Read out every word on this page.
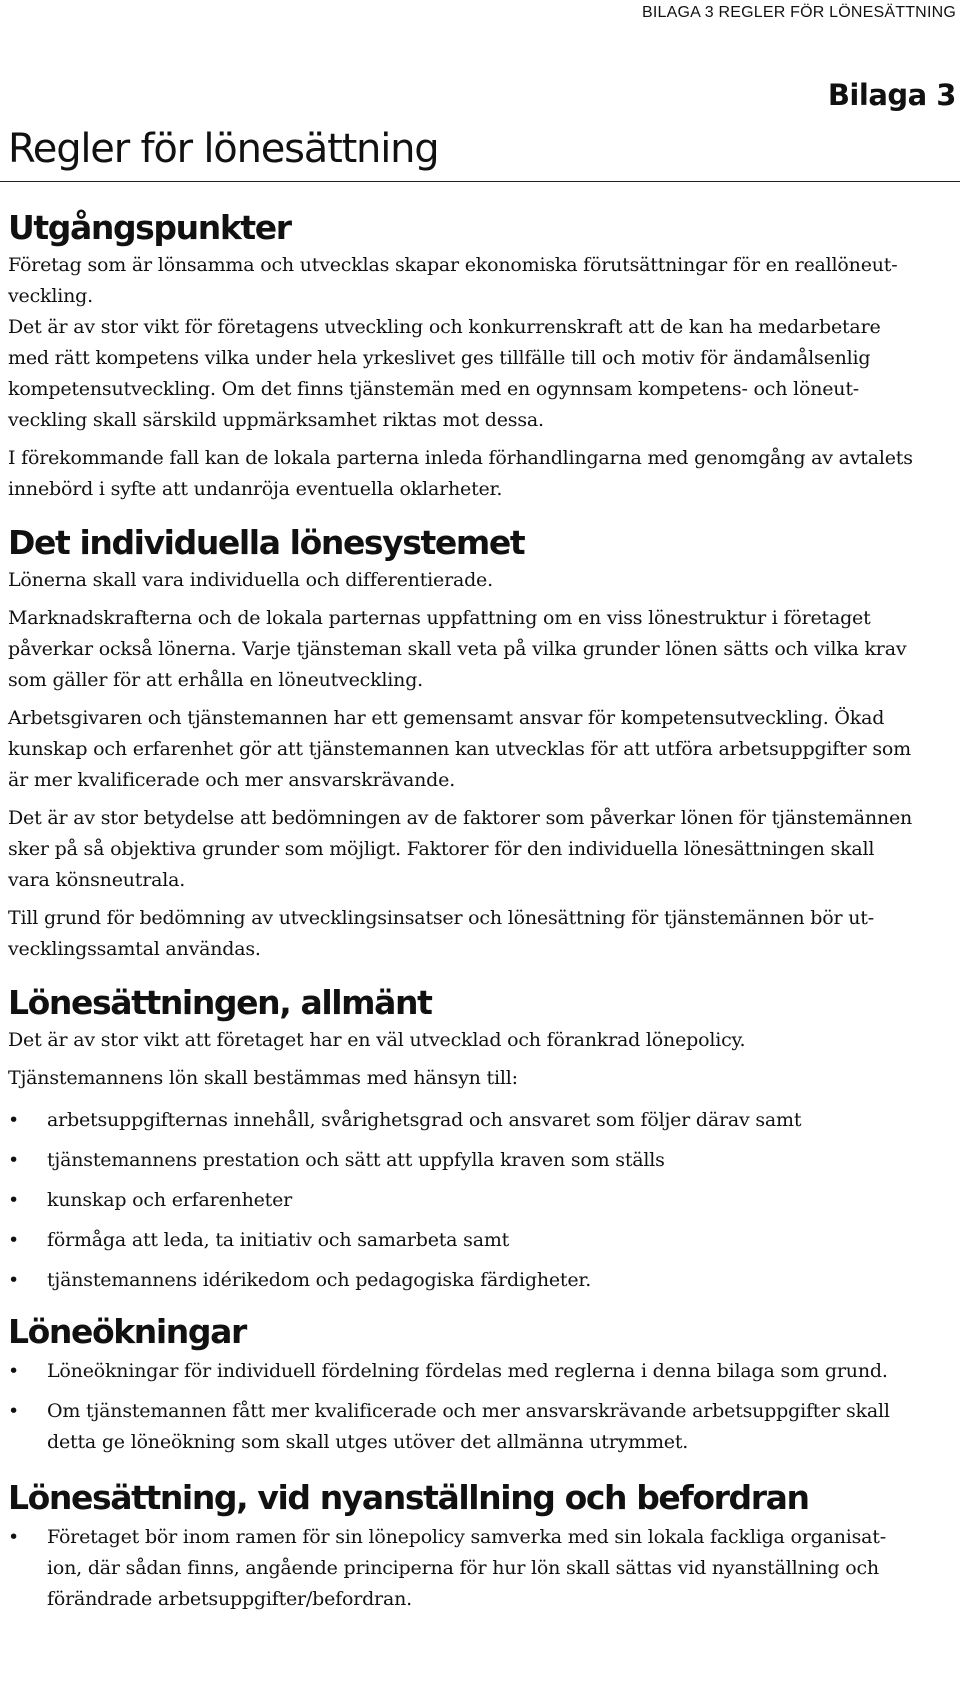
BILAGA 3 REGLER FÖR LÖNESÄTTNING
Bilaga 3
Regler för lönesättning
Utgångspunkter

Företag som är lönsamma och utvecklas skapar ekonomiska förutsättningar för en reallöneut-
veckling.

Det är av stor vikt för företagens utveckling och konkurrenskraft att de kan ha medarbetare
med rätt kompetens vilka under hela yrkeslivet ges tillfälle till och motiv för ändamålsenlig
kompetensutveckling. Om det finns tjänstemän med en ogynnsam kompetens- och löneut-
veckling skall särskild uppmärksamhet riktas mot dessa.

I förekommande fall kan de lokala parterna inleda förhandlingarna med genomgång av avtalets
innebörd i syfte att undanröja eventuella oklarheter.

Det individuella lönesystemet

Lönerna skall vara individuella och differentierade.

Marknadskrafterna och de lokala parternas uppfattning om en viss lönestruktur i företaget
påverkar också lönerna. Varje tjänsteman skall veta på vilka grunder lönen sätts och vilka krav
som gäller för att erhålla en löneutveckling.

Arbetsgivaren och tjänstemannen har ett gemensamt ansvar för kompetensutveckling. Ökad
kunskap och erfarenhet gör att tjänstemannen kan utvecklas för att utföra arbetsuppgifter som
är mer kvalificerade och mer ansvarskrävande.

Det är av stor betydelse att bedömningen av de faktorer som påverkar lönen för tjänstemännen
sker på så objektiva grunder som möjligt. Faktorer för den individuella lönesättningen skall
vara könsneutrala.

Till grund för bedömning av utvecklingsinsatser och lönesättning för tjänstemännen bör ut-
vecklingssamtal användas.

Lönesättningen, allmänt

Det är av stor vikt att företaget har en väl utvecklad och förankrad lönepolicy.

Tjänstemannens lön skall bestämmas med hänsyn till:

• arbetsuppgifternas innehåll, svårighetsgrad och ansvaret som följer därav samt
• tjänstemannens prestation och sätt att uppfylla kraven som ställs
• kunskap och erfarenheter
• förmåga att leda, ta initiativ och samarbeta samt
• tjänstemannens idérikedom och pedagogiska färdigheter.
Löneökningar
• Löneökningar för individuell fördelning fördelas med reglerna i denna bilaga som grund.
• Om tjänstemannen fått mer kvalificerade och mer ansvarskrävande arbetsuppgifter skall
detta ge löneökning som skall utges utöver det allmänna utrymmet.
Lönesättning, vid nyanställning och befordran
• Företaget bör inom ramen för sin lönepolicy samverka med sin lokala fackliga organisat-
ion, där sådan finns, angående principerna för hur lön skall sättas vid nyanställning och
förändrade arbetsuppgifter/befordran.
